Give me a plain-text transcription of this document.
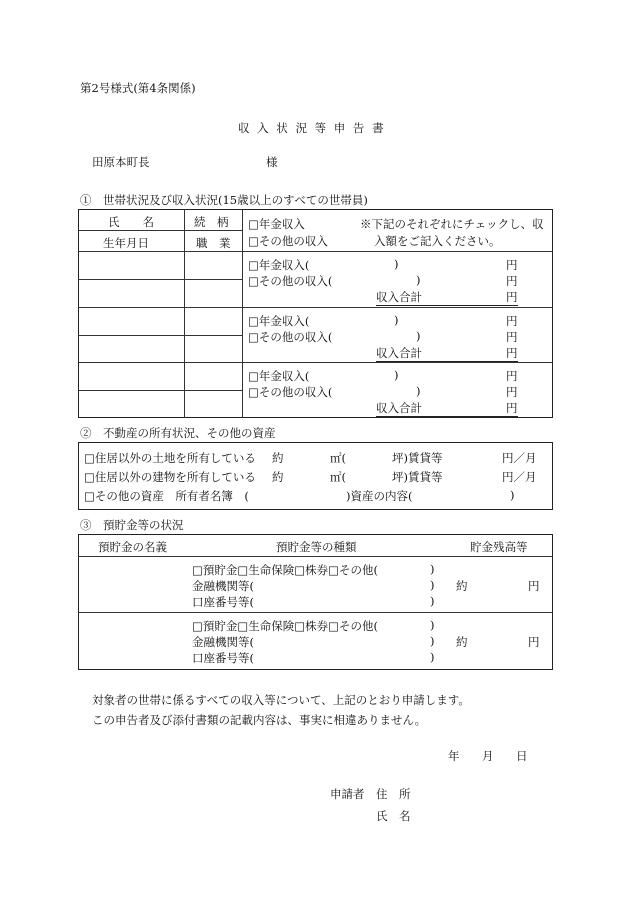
第2号様式(第4条関係)
収 入 状 況 等 申 告 書
田原本町長	様
①　世帯状況及び収入状況(15歳以上のすべての世帯員)
氏　　名	続　柄
生年月日	職　業
□年金収入
□その他の収入
※下記のそれぞれにチェックし、収
入額をご記入ください。
□年金収入(	)	円
□その他の収入(	)	円
収入合計	円
□年金収入(	)	円
□その他の収入(	)	円
収入合計	円
□年金収入(	)	円
□その他の収入(	)	円
収入合計	円
②　不動産の所有状況、その他の資産
□住居以外の土地を所有している 約	㎡(	坪)賃貸等	円／月
□住居以外の建物を所有している 約	㎡(	坪)賃貸等	円／月
□その他の資産　所有者名簿　(	)資産の内容(	)
③　預貯金等の状況
預貯金の名義	預貯金等の種類	貯金残高等
□預貯金□生命保険□株券□その他(	)
金融機関等(	) 約	円
口座番号等(	)
□預貯金□生命保険□株券□その他(	)
金融機関等(	) 約	円
口座番号等(	)
対象者の世帯に係るすべての収入等について、上記のとおり申請します。
この申告者及び添付書類の記載内容は、事実に相違ありません。
年 月 日
申請者 住　所
氏　名
